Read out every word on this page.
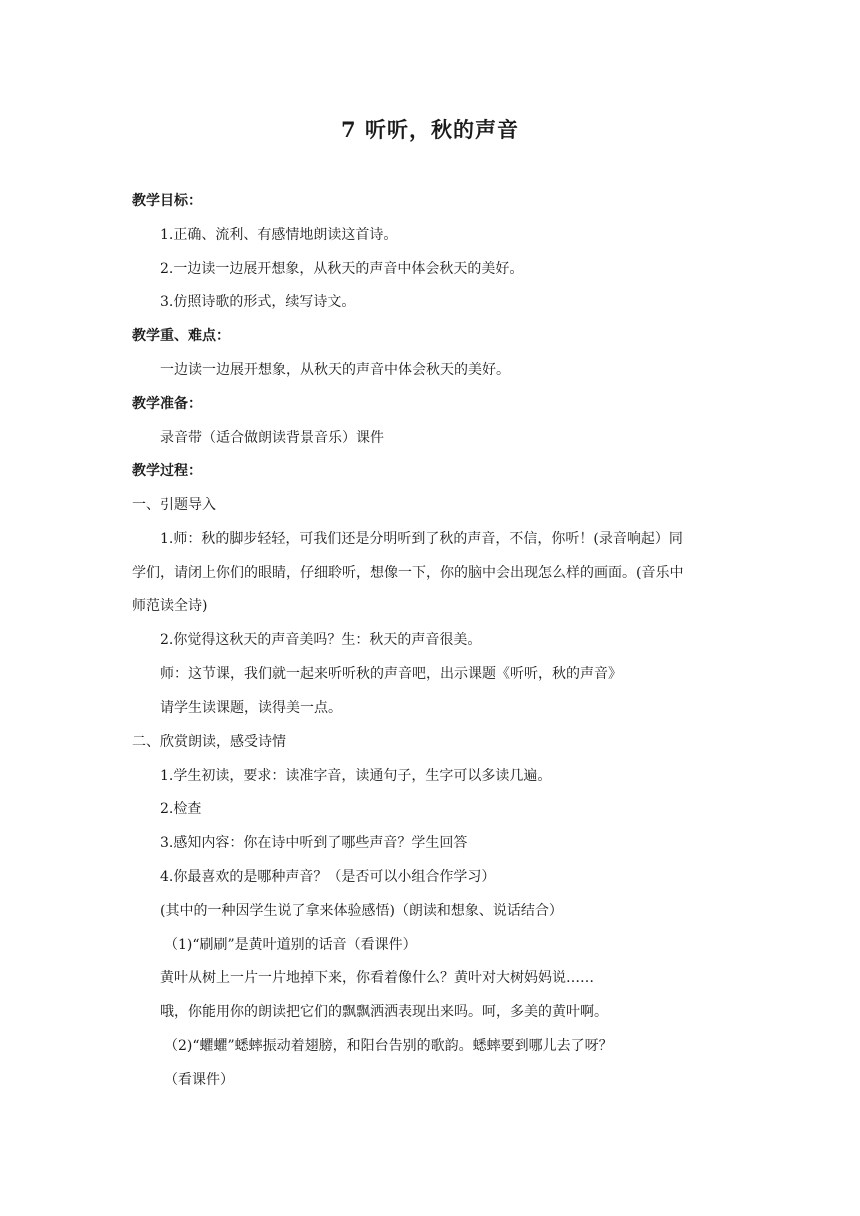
7 听听，秋的声音
教学目标：
1.正确、流利、有感情地朗读这首诗。
2.一边读一边展开想象，从秋天的声音中体会秋天的美好。
3.仿照诗歌的形式，续写诗文。
教学重、难点：
一边读一边展开想象，从秋天的声音中体会秋天的美好。
教学准备：
录音带（适合做朗读背景音乐）课件
教学过程：
一、引题导入
1.师：秋的脚步轻轻，可我们还是分明听到了秋的声音，不信，你听！(录音响起）同
学们，请闭上你们的眼睛，仔细聆听，想像一下，你的脑中会出现怎么样的画面。(音乐中
师范读全诗)
2.你觉得这秋天的声音美吗？生：秋天的声音很美。
师：这节课，我们就一起来听听秋的声音吧，出示课题《听听，秋的声音》
请学生读课题，读得美一点。
二、欣赏朗读，感受诗情
1.学生初读，要求：读准字音，读通句子，生字可以多读几遍。
2.检查
3.感知内容：你在诗中听到了哪些声音？学生回答
4.你最喜欢的是哪种声音？（是否可以小组合作学习）
(其中的一种因学生说了拿来体验感悟)（朗读和想象、说话结合）
（1)“刷刷”是黄叶道别的话音（看课件）
黄叶从树上一片一片地掉下来，你看着像什么？黄叶对大树妈妈说……
哦，你能用你的朗读把它们的飘飘洒洒表现出来吗。呵，多美的黄叶啊。
（2)“蠷蠷”蟋蟀振动着翅膀，和阳台告别的歌韵。蟋蟀要到哪儿去了呀？
（看课件）
